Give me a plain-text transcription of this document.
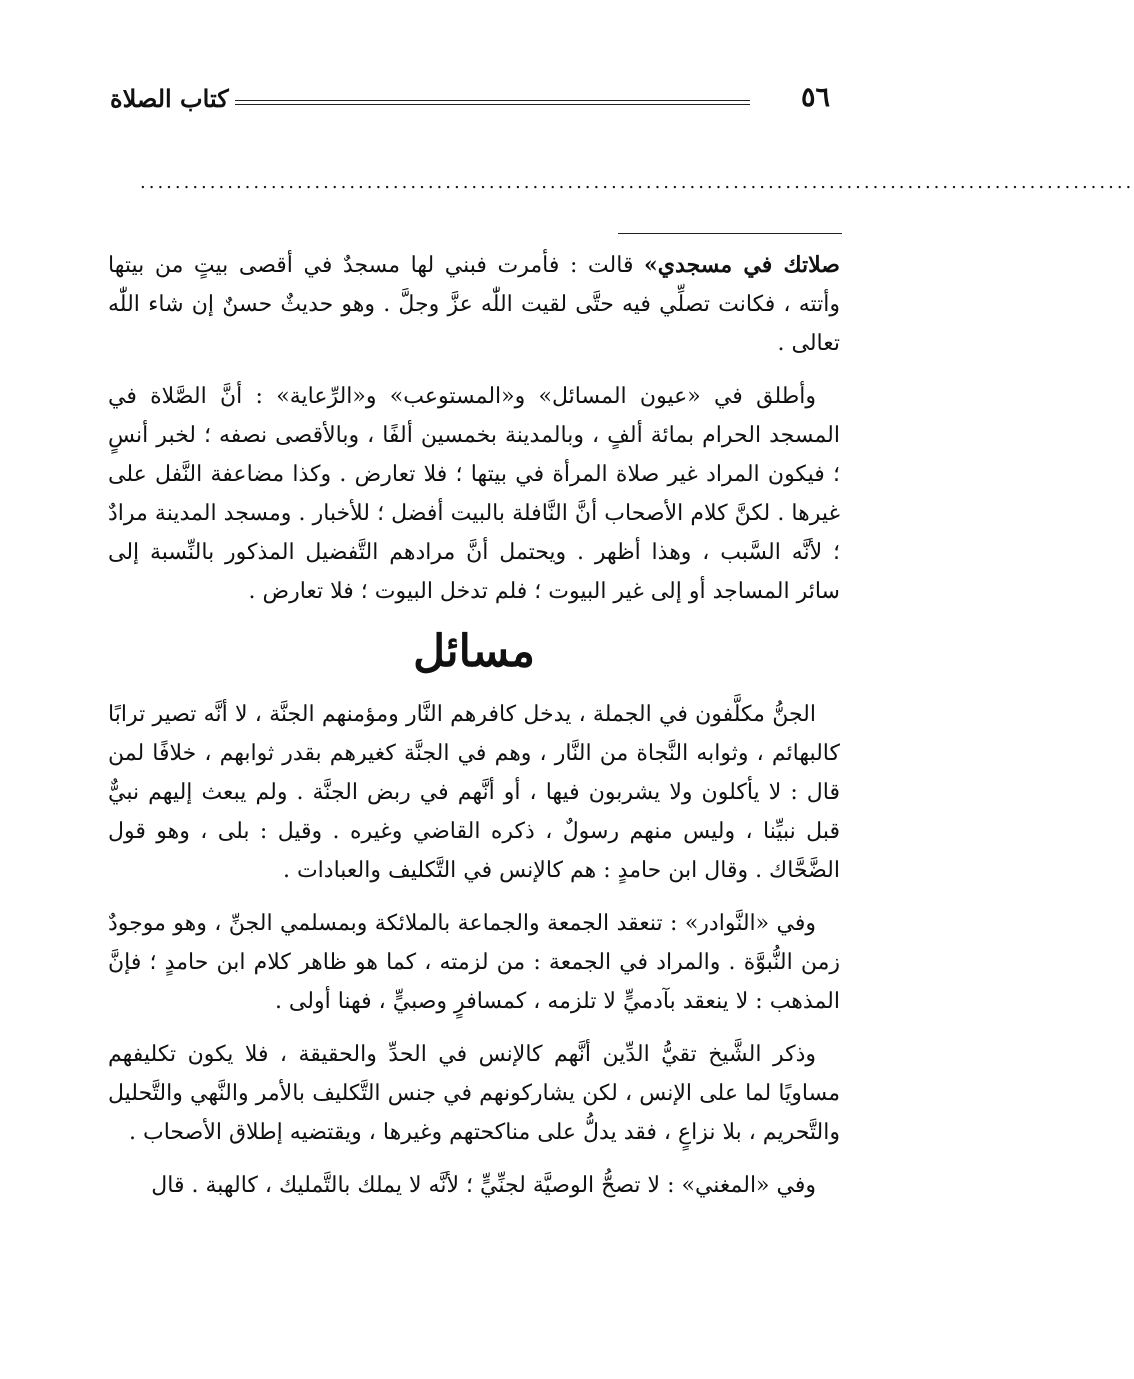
٥٦
كتاب الصلاة
..................................................................................................................

صلاتك في مسجدي» قالت : فأمرت فبني لها مسجدٌ في أقصى بيتٍ من بيتها وأتته ، فكانت تصلِّي فيه حتَّى لقيت اللّٰه عزَّ وجلَّ . وهو حديثٌ حسنٌ إن شاء اللّٰه تعالى .

وأطلق في «عيون المسائل» و«المستوعب» و«الرِّعاية» : أنَّ الصَّلاة في المسجد الحرام بمائة ألفٍ ، وبالمدينة بخمسين ألفًا ، وبالأقصى نصفه ؛ لخبر أنسٍ ؛ فيكون المراد غير صلاة المرأة في بيتها ؛ فلا تعارض . وكذا مضاعفة النَّفل على غيرها . لكنَّ كلام الأصحاب أنَّ النَّافلة بالبيت أفضل ؛ للأخبار . ومسجد المدينة مرادٌ ؛ لأنَّه السَّبب ، وهذا أظهر . ويحتمل أنَّ مرادهم التَّفضيل المذكور بالنِّسبة إلى سائر المساجد أو إلى غير البيوت ؛ فلم تدخل البيوت ؛ فلا تعارض .

مسائل

الجنُّ مكلَّفون في الجملة ، يدخل كافرهم النَّار ومؤمنهم الجنَّة ، لا أنَّه تصير ترابًا كالبهائم ، وثوابه النَّجاة من النَّار ، وهم في الجنَّة كغيرهم بقدر ثوابهم ، خلافًا لمن قال : لا يأكلون ولا يشربون فيها ، أو أنَّهم في ربض الجنَّة . ولم يبعث إليهم نبيٌّ قبل نبيِّنا ، وليس منهم رسولٌ ، ذكره القاضي وغيره . وقيل : بلى ، وهو قول الضَّحَّاك . وقال ابن حامدٍ : هم كالإنس في التَّكليف والعبادات .

وفي «النَّوادر» : تنعقد الجمعة والجماعة بالملائكة وبمسلمي الجنِّ ، وهو موجودٌ زمن النُّبوَّة . والمراد في الجمعة : من لزمته ، كما هو ظاهر كلام ابن حامدٍ ؛ فإنَّ المذهب : لا ينعقد بآدميٍّ لا تلزمه ، كمسافرٍ وصبيٍّ ، فهنا أولى .

وذكر الشَّيخ تقيُّ الدِّين أنَّهم كالإنس في الحدِّ والحقيقة ، فلا يكون تكليفهم مساويًا لما على الإنس ، لكن يشاركونهم في جنس التَّكليف بالأمر والنَّهي والتَّحليل والتَّحريم ، بلا نزاعٍ ، فقد يدلُّ على مناكحتهم وغيرها ، ويقتضيه إطلاق الأصحاب .

وفي «المغني» : لا تصحُّ الوصيَّة لجنِّيٍّ ؛ لأنَّه لا يملك بالتَّمليك ، كالهبة . قال
